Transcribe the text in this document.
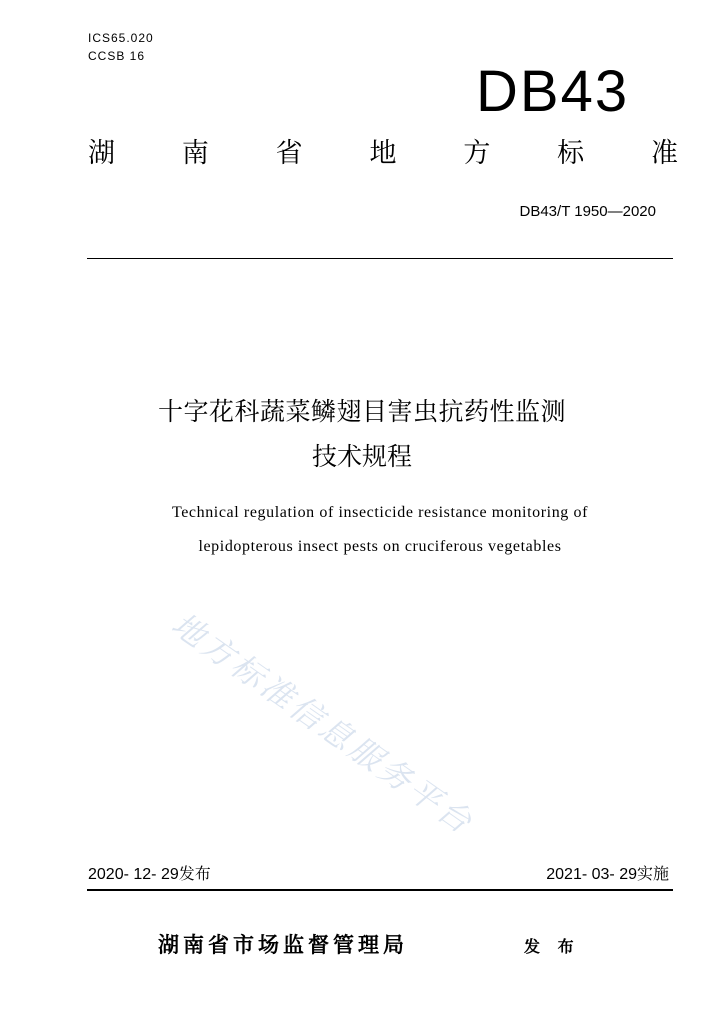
ICS65.020
CCSB 16
DB43
湖 南 省 地 方 标 准
DB43/T 1950—2020
十字花科蔬菜鳞翅目害虫抗药性监测
技术规程
Technical regulation of insecticide resistance monitoring of
lepidopterous insect pests on cruciferous vegetables
地方标准信息服务平台
2020- 12- 29发布	2021- 03- 29实施
湖南省市场监督管理局	发 布
